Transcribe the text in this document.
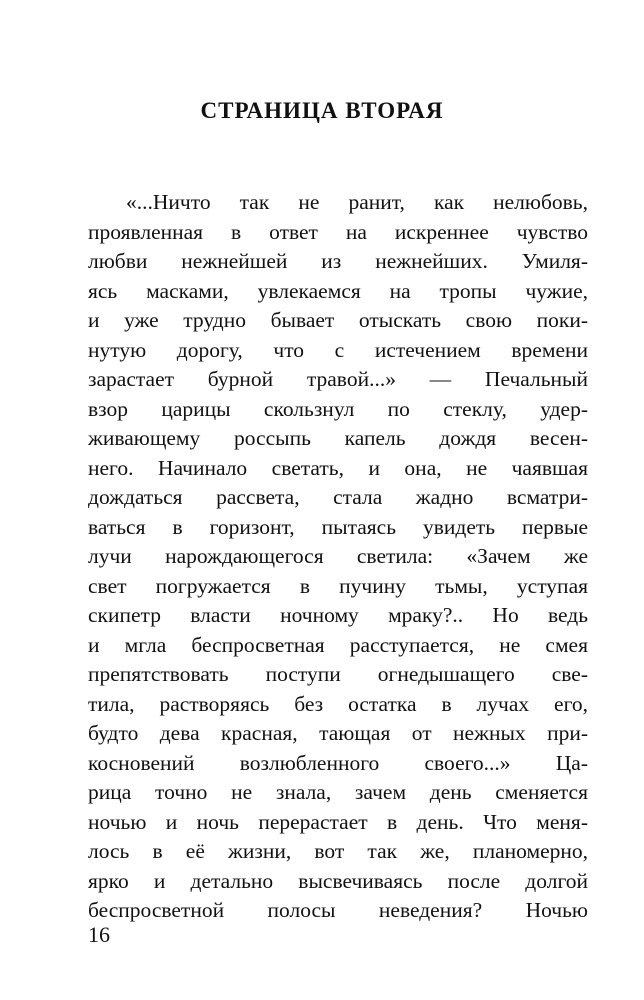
СТРАНИЦА ВТОРАЯ
«...Ничто так не ранит, как нелюбовь,
проявленная в ответ на искреннее чувство
любви нежнейшей из нежнейших. Умиля-
ясь масками, увлекаемся на тропы чужие,
и уже трудно бывает отыскать свою поки-
нутую дорогу, что с истечением времени
зарастает бурной травой...» — Печальный
взор царицы скользнул по стеклу, удер-
живающему россыпь капель дождя весен-
него. Начинало светать, и она, не чаявшая
дождаться рассвета, стала жадно всматри-
ваться в горизонт, пытаясь увидеть первые
лучи нарождающегося светила: «Зачем же
свет погружается в пучину тьмы, уступая
скипетр власти ночному мраку?.. Но ведь
и мгла беспросветная расступается, не смея
препятствовать поступи огнедышащего све-
тила, растворяясь без остатка в лучах его,
будто дева красная, тающая от нежных при-
косновений возлюбленного своего...» Ца-
рица точно не знала, зачем день сменяется
ночью и ночь перерастает в день. Что меня-
лось в её жизни, вот так же, планомерно,
ярко и детально высвечиваясь после долгой
беспросветной полосы неведения? Ночью
16
